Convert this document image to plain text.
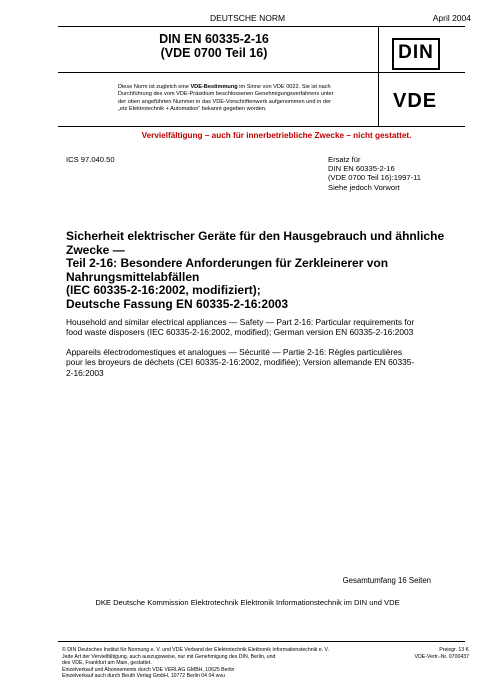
DEUTSCHE NORM	April 2004
DIN EN 60335-2-16
(VDE 0700 Teil 16)	DIN
Diese Norm ist zugleich eine VDE-Bestimmung im Sinne von VDE 0022. Sie ist nach
Durchführung des vom VDE-Präsidium beschlossenen Genehmigungsverfahrens unter
der oben angeführten Nummer in das VDE-Vorschriftenwerk aufgenommen und in der
„etz Elektrotechnik + Automation“ bekannt gegeben worden.	VDE
Vervielfältigung – auch für innerbetriebliche Zwecke – nicht gestattet.
ICS 97.040.50	Ersatz für
DIN EN 60335-2-16
(VDE 0700 Teil 16):1997-11
Siehe jedoch Vorwort
Sicherheit elektrischer Geräte für den Hausgebrauch und ähnliche
Zwecke —
Teil 2-16: Besondere Anforderungen für Zerkleinerer von
Nahrungsmittelabfällen
(IEC 60335-2-16:2002, modifiziert);
Deutsche Fassung EN 60335-2-16:2003
Household and similar electrical appliances — Safety — Part 2-16: Particular requirements for
food waste disposers (IEC 60335-2-16:2002, modified); German version EN 60335-2-16:2003
Appareils électrodomestiques et analogues — Sécurité — Partie 2-16: Règles particulières
pour les broyeurs de déchets (CEI 60335-2-16:2002, modifiée); Version allemande EN 60335-
2-16:2003
Gesamtumfang 16 Seiten
DKE Deutsche Kommission Elektrotechnik Elektronik Informationstechnik im DIN und VDE
© DIN Deutsches Institut für Normung e. V. und VDE Verband der Elektrotechnik Elektronik Informationstechnik e. V.
Jede Art der Vervielfältigung, auch auszugsweise, nur mit Genehmigung des DIN, Berlin, und
des VDE, Frankfurt am Main, gestattet.
Einzelverkauf und Abonnements durch VDE VERLAG GMBH, 10625 Berlin
Einzelverkauf auch durch Beuth Verlag GmbH, 10772 Berlin 04 04 wvu
Preisgr. 13 K
VDE-Vertr.-Nr. 0700437
